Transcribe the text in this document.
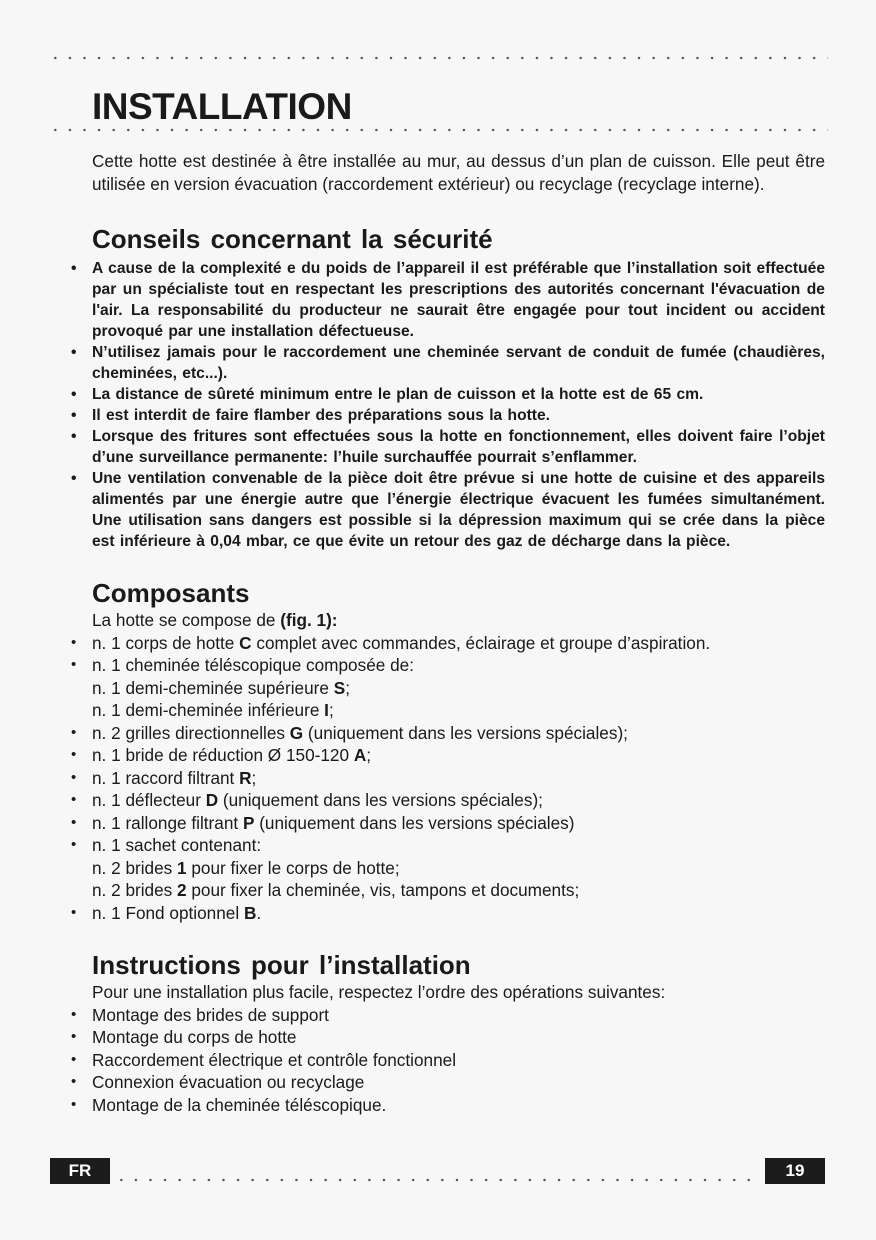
INSTALLATION

Cette hotte est destinée à être installée au mur, au dessus d’un plan de cuisson. Elle peut être utilisée en version évacuation (raccordement extérieur) ou recyclage (recyclage interne).

Conseils concernant la sécurité
• A cause de la complexité e du poids de l’appareil il est préférable que l’installation soit effectuée par un spécialiste tout en respectant les prescriptions des autorités concernant l'évacuation de l'air. La responsabilité du producteur ne saurait être engagée pour tout incident ou accident provoqué par une installation défectueuse.
• N’utilisez jamais pour le raccordement une cheminée servant de conduit de fumée (chaudières, cheminées, etc...).
• La distance de sûreté minimum entre le plan de cuisson et la hotte est de 65 cm.
• Il est interdit de faire flamber des préparations sous la hotte.
• Lorsque des fritures sont effectuées sous la hotte en fonctionnement, elles doivent faire l’objet d’une surveillance permanente: l’huile surchauffée pourrait s’enflammer.
• Une ventilation convenable de la pièce doit être prévue si une hotte de cuisine et des appareils alimentés par une énergie autre que l’énergie électrique évacuent les fumées simultanément. Une utilisation sans dangers est possible si la dépression maximum qui se crée dans la pièce est inférieure à 0,04 mbar, ce que évite un retour des gaz de décharge dans la pièce.
Composants

La hotte se compose de (fig. 1):

• n. 1 corps de hotte C complet avec commandes, éclairage et groupe d’aspiration.
• n. 1 cheminée téléscopique composée de:
n. 1 demi-cheminée supérieure S;
n. 1 demi-cheminée inférieure I;
• n. 2 grilles directionnelles G (uniquement dans les versions spéciales);
• n. 1 bride de réduction Ø 150-120 A;
• n. 1 raccord filtrant R;
• n. 1 déflecteur D (uniquement dans les versions spéciales);
• n. 1 rallonge filtrant P (uniquement dans les versions spéciales)
• n. 1 sachet contenant:
n. 2 brides 1 pour fixer le corps de hotte;
n. 2 brides 2 pour fixer la cheminée, vis, tampons et documents;
• n. 1 Fond optionnel B.
Instructions pour l’installation

Pour une installation plus facile, respectez l’ordre des opérations suivantes:

• Montage des brides de support
• Montage du corps de hotte
• Raccordement électrique et contrôle fonctionnel
• Connexion évacuation ou recyclage
• Montage de la cheminée téléscopique.
FR	19
